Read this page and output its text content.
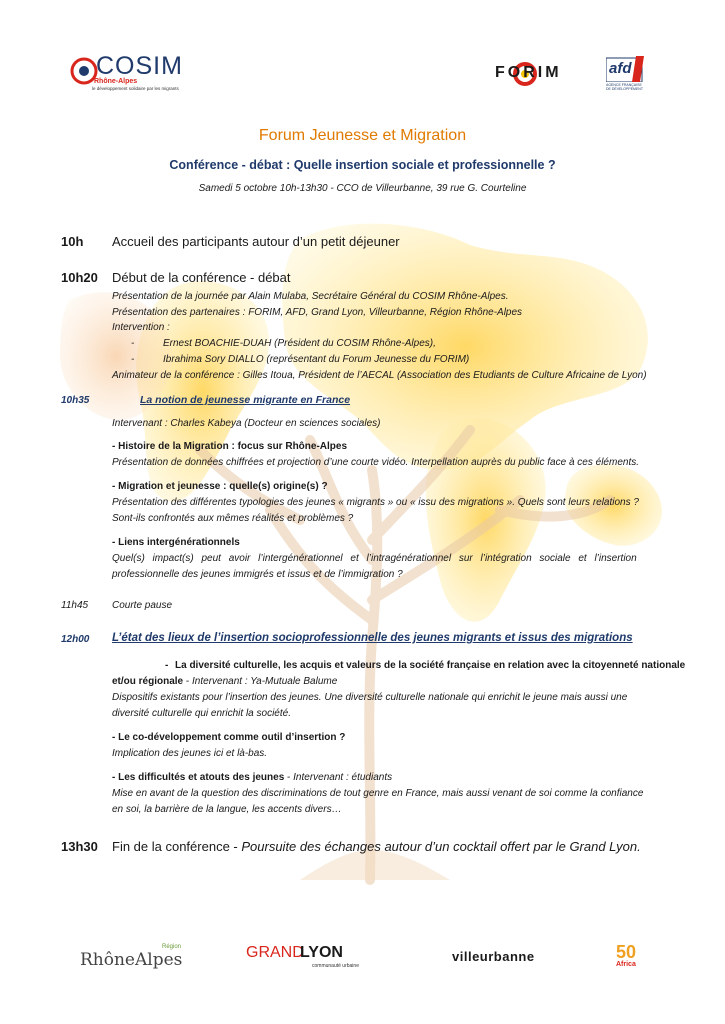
COSIM
Rhône-Alpes
le développement solidaire par les migrants
FORIM	afd
AGENCE FRANÇAISE DE DÉVELOPPEMENT
Forum Jeunesse et Migration
Conférence - débat : Quelle insertion sociale et professionnelle ?
Samedi 5 octobre 10h-13h30 - CCO de Villeurbanne, 39 rue G. Courteline
10h Accueil des participants autour d’un petit déjeuner
10h20 Début de la conférence - débat
Présentation de la journée par Alain Mulaba, Secrétaire Général du COSIM Rhône-Alpes.
Présentation des partenaires : FORIM, AFD, Grand Lyon, Villeurbanne, Région Rhône-Alpes
Intervention :
-	Ernest BOACHIE-DUAH (Président du COSIM Rhône-Alpes),
-	Ibrahima Sory DIALLO (représentant du Forum Jeunesse du FORIM)
Animateur de la conférence : Gilles Itoua, Président de l’AECAL (Association des Etudiants de Culture Africaine de Lyon)
10h35	La notion de jeunesse migrante en France
Intervenant : Charles Kabeya (Docteur en sciences sociales)
- Histoire de la Migration : focus sur Rhône-Alpes
Présentation de données chiffrées et projection d’une courte vidéo. Interpellation auprès du public face à ces éléments.
- Migration et jeunesse : quelle(s) origine(s) ?
Présentation des différentes typologies des jeunes « migrants » ou « issu des migrations ». Quels sont leurs relations ?
Sont-ils confrontés aux mêmes réalités et problèmes ?
- Liens intergénérationnels
Quel(s) impact(s) peut avoir l’intergénérationnel et l’intragénérationnel sur l’intégration sociale et l’insertion
professionnelle des jeunes immigrés et issus et de l’immigration ?
11h45 Courte pause
12h00 L’état des lieux de l’insertion socioprofessionnelle des jeunes migrants et issus des migrations
- La diversité culturelle, les acquis et valeurs de la société française en relation avec la citoyenneté nationale
et/ou régionale - Intervenant : Ya-Mutuale Balume
Dispositifs existants pour l’insertion des jeunes. Une diversité culturelle nationale qui enrichit le jeune mais aussi une
diversité culturelle qui enrichit la société.
- Le co-développement comme outil d’insertion ?
Implication des jeunes ici et là-bas.
- Les difficultés et atouts des jeunes - Intervenant : étudiants
Mise en avant de la question des discriminations de tout genre en France, mais aussi venant de soi comme la confiance
en soi, la barrière de la langue, les accents divers…
13h30 Fin de la conférence - Poursuite des échanges autour d’un cocktail offert par le Grand Lyon.
Région
RhôneAlpes	GRAND
LYON
communauté urbaine
villeurbanne	50
Africa
